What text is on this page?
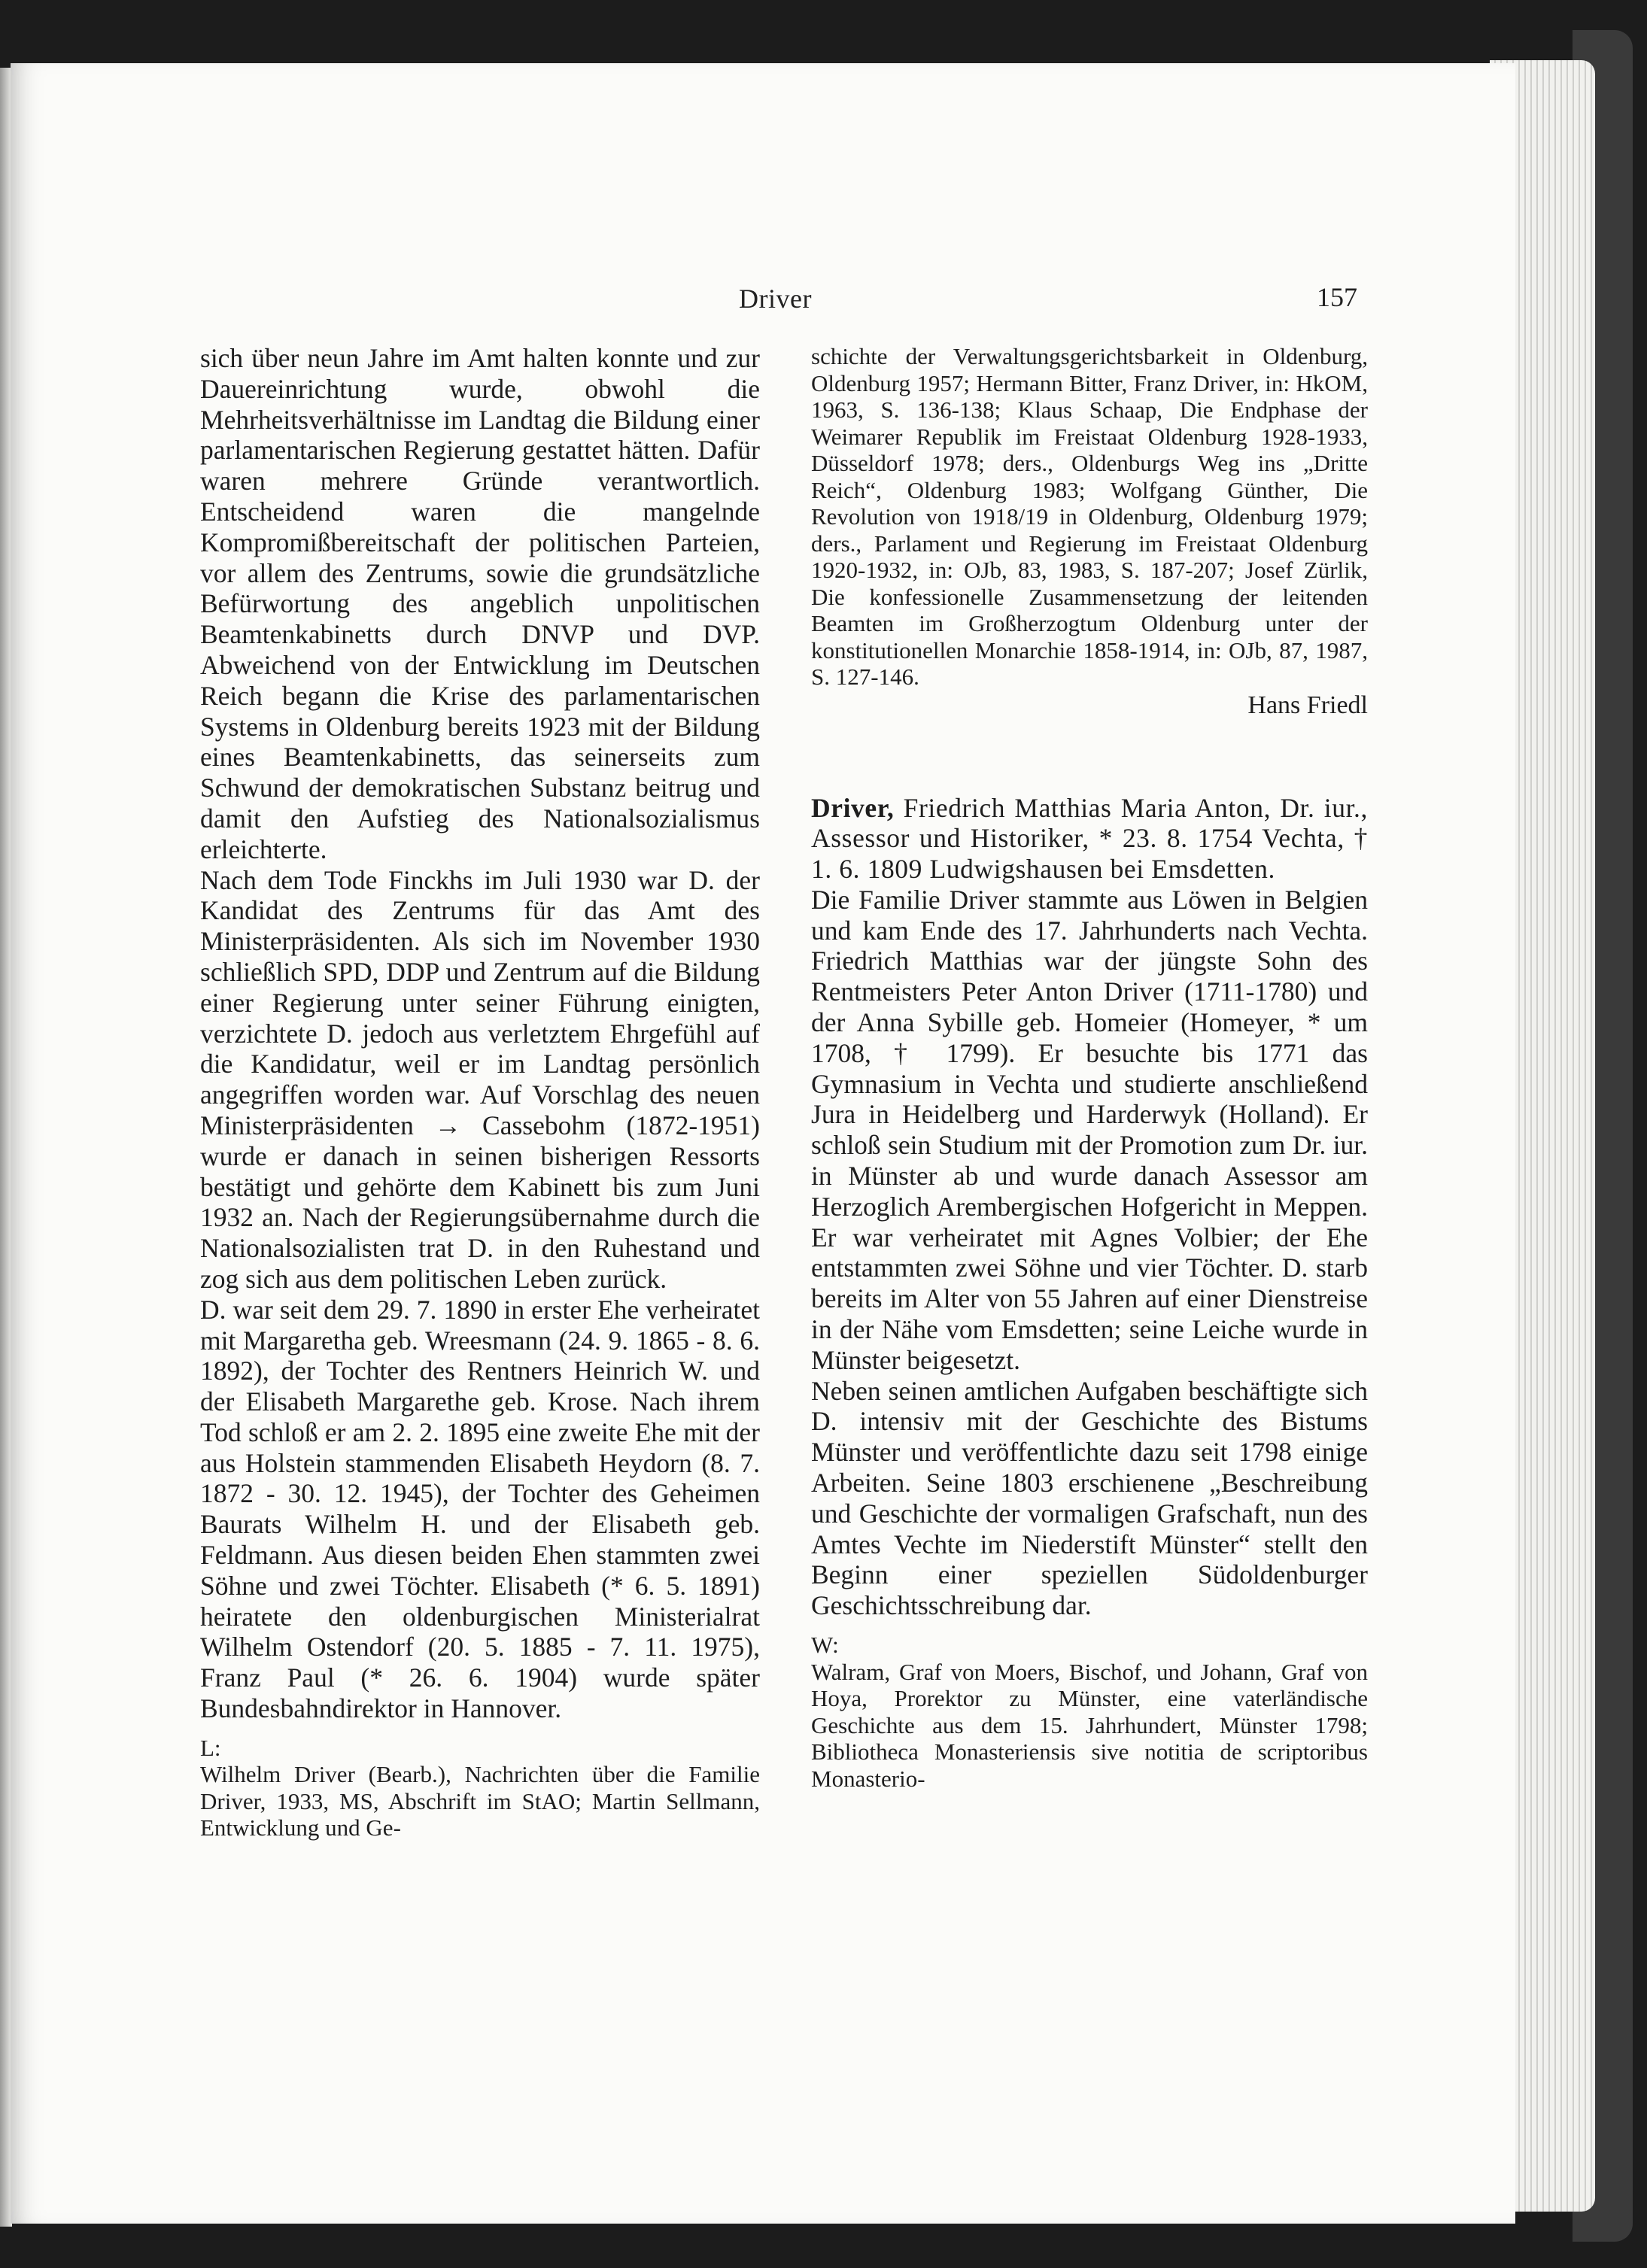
Driver	157

sich über neun Jahre im Amt halten konnte und zur Dauereinrichtung wurde, obwohl die Mehrheitsverhältnisse im Landtag die Bildung einer parlamentarischen Regierung gestattet hätten. Dafür waren mehrere Gründe verantwortlich. Entscheidend waren die mangelnde Kompromißbereitschaft der politischen Parteien, vor allem des Zentrums, sowie die grundsätzliche Befürwortung des angeblich unpolitischen Beamtenkabinetts durch DNVP und DVP. Abweichend von der Entwicklung im Deutschen Reich begann die Krise des parlamentarischen Systems in Oldenburg bereits 1923 mit der Bildung eines Beamtenkabinetts, das seinerseits zum Schwund der demokratischen Substanz beitrug und damit den Aufstieg des Nationalsozialismus erleichterte.

Nach dem Tode Finckhs im Juli 1930 war D. der Kandidat des Zentrums für das Amt des Ministerpräsidenten. Als sich im November 1930 schließlich SPD, DDP und Zentrum auf die Bildung einer Regierung unter seiner Führung einigten, verzichtete D. jedoch aus verletztem Ehrgefühl auf die Kandidatur, weil er im Landtag persönlich angegriffen worden war. Auf Vorschlag des neuen Ministerpräsidenten → Cassebohm (1872-1951) wurde er danach in seinen bisherigen Ressorts bestätigt und gehörte dem Kabinett bis zum Juni 1932 an. Nach der Regierungsübernahme durch die Nationalsozialisten trat D. in den Ruhestand und zog sich aus dem politischen Leben zurück.

D. war seit dem 29. 7. 1890 in erster Ehe verheiratet mit Margaretha geb. Wreesmann (24. 9. 1865 - 8. 6. 1892), der Tochter des Rentners Heinrich W. und der Elisabeth Margarethe geb. Krose. Nach ihrem Tod schloß er am 2. 2. 1895 eine zweite Ehe mit der aus Holstein stammenden Elisabeth Heydorn (8. 7. 1872 - 30. 12. 1945), der Tochter des Geheimen Baurats Wilhelm H. und der Elisabeth geb. Feldmann. Aus diesen beiden Ehen stammten zwei Söhne und zwei Töchter. Elisabeth (* 6. 5. 1891) heiratete den oldenburgischen Ministerialrat Wilhelm Ostendorf (20. 5. 1885 - 7. 11. 1975), Franz Paul (* 26. 6. 1904) wurde später Bundesbahndirektor in Hannover.

L:

Wilhelm Driver (Bearb.), Nachrichten über die Familie Driver, 1933, MS, Abschrift im StAO; Martin Sellmann, Entwicklung und Ge-

schichte der Verwaltungsgerichtsbarkeit in Oldenburg, Oldenburg 1957; Hermann Bitter, Franz Driver, in: HkOM, 1963, S. 136-138; Klaus Schaap, Die Endphase der Weimarer Republik im Freistaat Oldenburg 1928-1933, Düsseldorf 1978; ders., Oldenburgs Weg ins „Dritte Reich“, Oldenburg 1983; Wolfgang Günther, Die Revolution von 1918/19 in Oldenburg, Oldenburg 1979; ders., Parlament und Regierung im Freistaat Oldenburg 1920-1932, in: OJb, 83, 1983, S. 187-207; Josef Zürlik, Die konfessionelle Zusammensetzung der leitenden Beamten im Großherzogtum Oldenburg unter der konstitutionellen Monarchie 1858-1914, in: OJb, 87, 1987, S. 127-146.

Hans Friedl

Driver, Friedrich Matthias Maria Anton, Dr. iur., Assessor und Historiker, * 23. 8. 1754 Vechta, † 1. 6. 1809 Ludwigshausen bei Emsdetten.

Die Familie Driver stammte aus Löwen in Belgien und kam Ende des 17. Jahrhunderts nach Vechta. Friedrich Matthias war der jüngste Sohn des Rentmeisters Peter Anton Driver (1711-1780) und der Anna Sybille geb. Homeier (Homeyer, * um 1708, † 1799). Er besuchte bis 1771 das Gymnasium in Vechta und studierte anschließend Jura in Heidelberg und Harderwyk (Holland). Er schloß sein Studium mit der Promotion zum Dr. iur. in Münster ab und wurde danach Assessor am Herzoglich Arembergischen Hofgericht in Meppen. Er war verheiratet mit Agnes Volbier; der Ehe entstammten zwei Söhne und vier Töchter. D. starb bereits im Alter von 55 Jahren auf einer Dienstreise in der Nähe vom Emsdetten; seine Leiche wurde in Münster beigesetzt.

Neben seinen amtlichen Aufgaben beschäftigte sich D. intensiv mit der Geschichte des Bistums Münster und veröffentlichte dazu seit 1798 einige Arbeiten. Seine 1803 erschienene „Beschreibung und Geschichte der vormaligen Grafschaft, nun des Amtes Vechte im Niederstift Münster“ stellt den Beginn einer speziellen Südoldenburger Geschichtsschreibung dar.

W:

Walram, Graf von Moers, Bischof, und Johann, Graf von Hoya, Prorektor zu Münster, eine vaterländische Geschichte aus dem 15. Jahrhundert, Münster 1798; Bibliotheca Monasteriensis sive notitia de scriptoribus Monasterio-
